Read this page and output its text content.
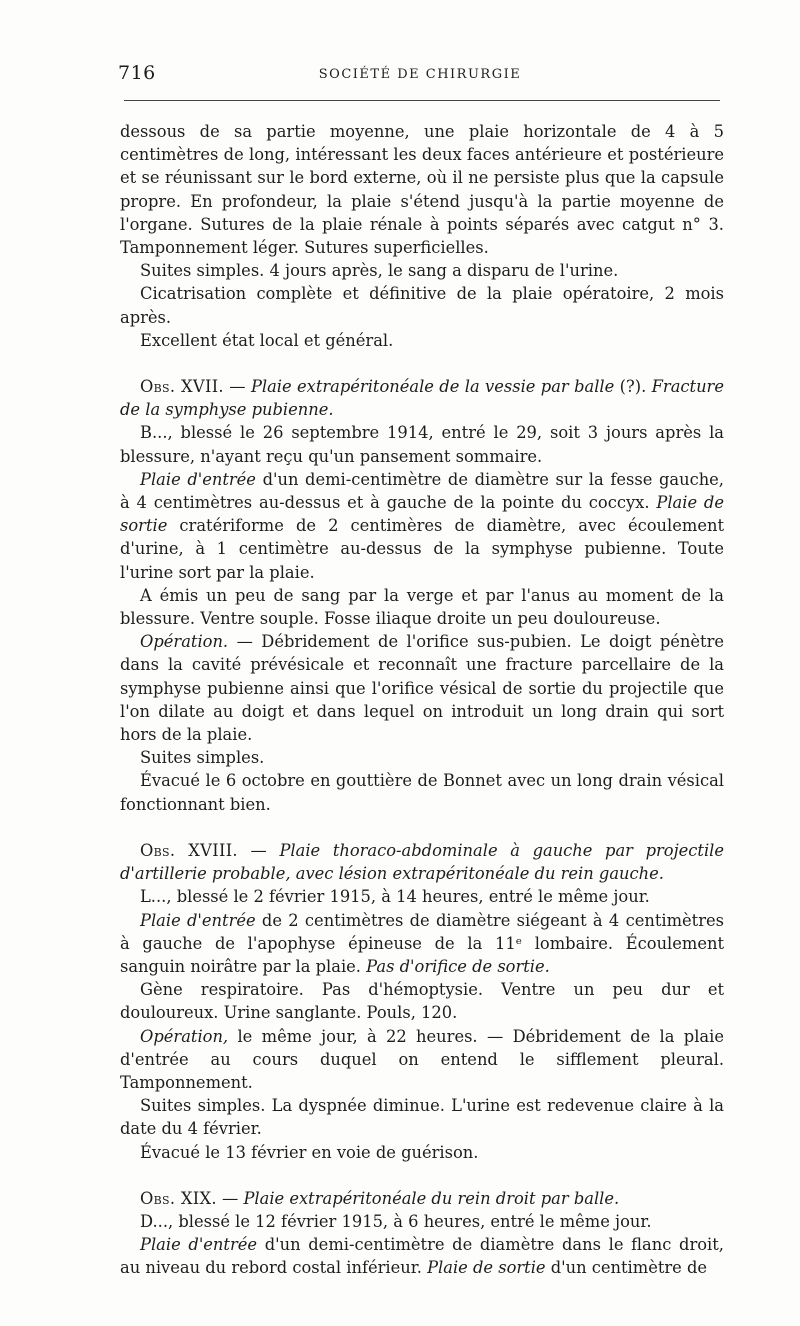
716	SOCIÉTÉ DE CHIRURGIE

dessous de sa partie moyenne, une plaie horizontale de 4 à 5 centimètres de long, intéressant les deux faces antérieure et postérieure et se réunissant sur le bord externe, où il ne persiste plus que la capsule propre. En profondeur, la plaie s'étend jusqu'à la partie moyenne de l'organe. Sutures de la plaie rénale à points séparés avec catgut n° 3. Tamponnement léger. Sutures superficielles.

Suites simples. 4 jours après, le sang a disparu de l'urine.

Cicatrisation complète et définitive de la plaie opératoire, 2 mois après.

Excellent état local et général.

Obs. XVII. — Plaie extrapéritonéale de la vessie par balle (?). Fracture de la symphyse pubienne.

B..., blessé le 26 septembre 1914, entré le 29, soit 3 jours après la blessure, n'ayant reçu qu'un pansement sommaire.

Plaie d'entrée d'un demi-centimètre de diamètre sur la fesse gauche, à 4 centimètres au-dessus et à gauche de la pointe du coccyx. Plaie de sortie cratériforme de 2 centimères de diamètre, avec écoulement d'urine, à 1 centimètre au-dessus de la symphyse pubienne. Toute l'urine sort par la plaie.

A émis un peu de sang par la verge et par l'anus au moment de la blessure. Ventre souple. Fosse iliaque droite un peu douloureuse.

Opération. — Débridement de l'orifice sus-pubien. Le doigt pénètre dans la cavité prévésicale et reconnaît une fracture parcellaire de la symphyse pubienne ainsi que l'orifice vésical de sortie du projectile que l'on dilate au doigt et dans lequel on introduit un long drain qui sort hors de la plaie.

Suites simples.

Évacué le 6 octobre en gouttière de Bonnet avec un long drain vésical fonctionnant bien.

Obs. XVIII. — Plaie thoraco-abdominale à gauche par projectile d'artillerie probable, avec lésion extrapéritonéale du rein gauche.

L..., blessé le 2 février 1915, à 14 heures, entré le même jour.

Plaie d'entrée de 2 centimètres de diamètre siégeant à 4 centimètres à gauche de l'apophyse épineuse de la 11ᵉ lombaire. Écoulement sanguin noirâtre par la plaie. Pas d'orifice de sortie.

Gène respiratoire. Pas d'hémoptysie. Ventre un peu dur et douloureux. Urine sanglante. Pouls, 120.

Opération, le même jour, à 22 heures. — Débridement de la plaie d'entrée au cours duquel on entend le sifflement pleural. Tamponnement.

Suites simples. La dyspnée diminue. L'urine est redevenue claire à la date du 4 février.

Évacué le 13 février en voie de guérison.

Obs. XIX. — Plaie extrapéritonéale du rein droit par balle.

D..., blessé le 12 février 1915, à 6 heures, entré le même jour.

Plaie d'entrée d'un demi-centimètre de diamètre dans le flanc droit, au niveau du rebord costal inférieur. Plaie de sortie d'un centimètre de
